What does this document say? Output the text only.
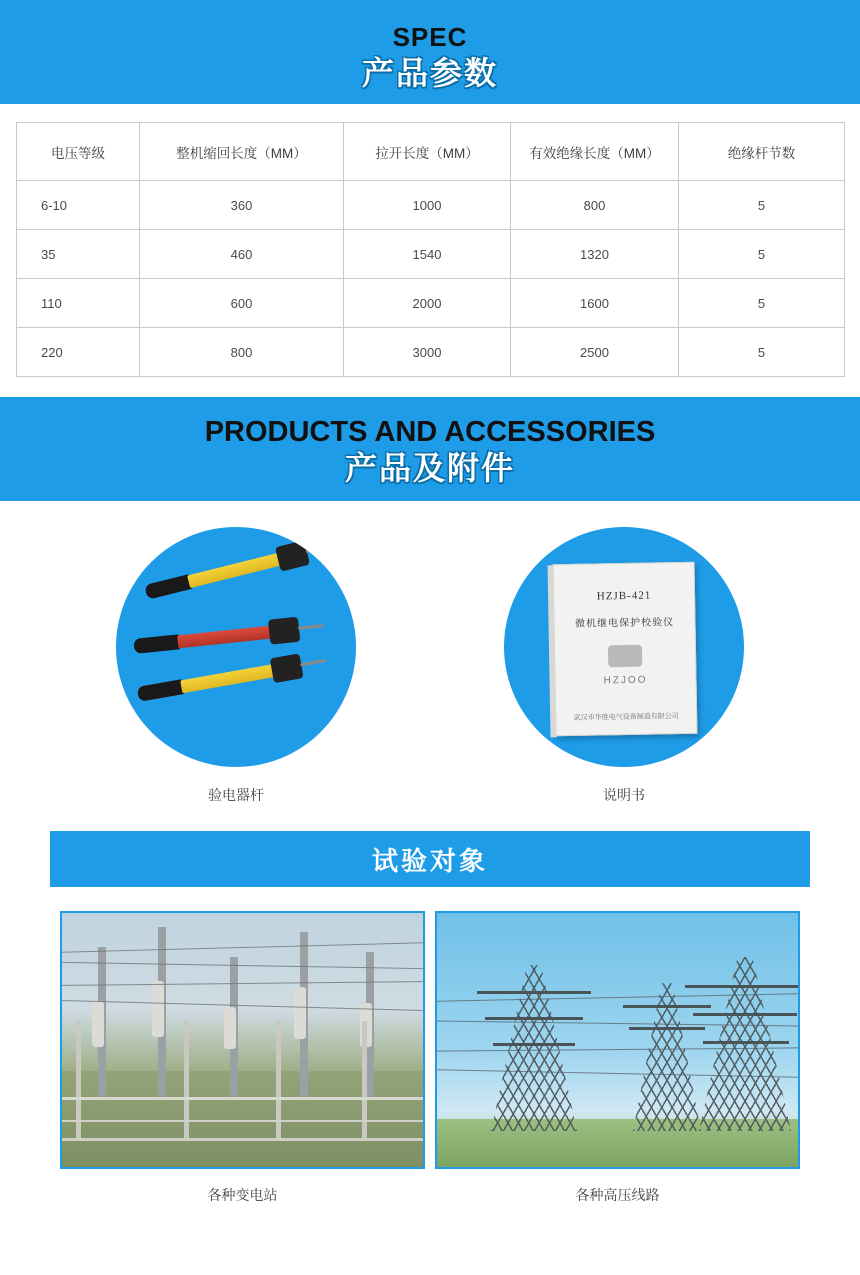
SPEC
产品参数
电压等级	整机缩回长度（MM）	拉开长度（MM）	有效绝缘长度（MM）	绝缘杆节数
6-10	360	1000	800	5
35	460	1540	1320	5
110	600	2000	1600	5
220	800	3000	2500	5
PRODUCTS AND ACCESSORIES
产品及附件
验电器杆
HZJB-421
微机继电保护校验仪
HZJOO
武汉市华胜电气设备制造有限公司
说明书
试验对象
各种变电站	各种高压线路
